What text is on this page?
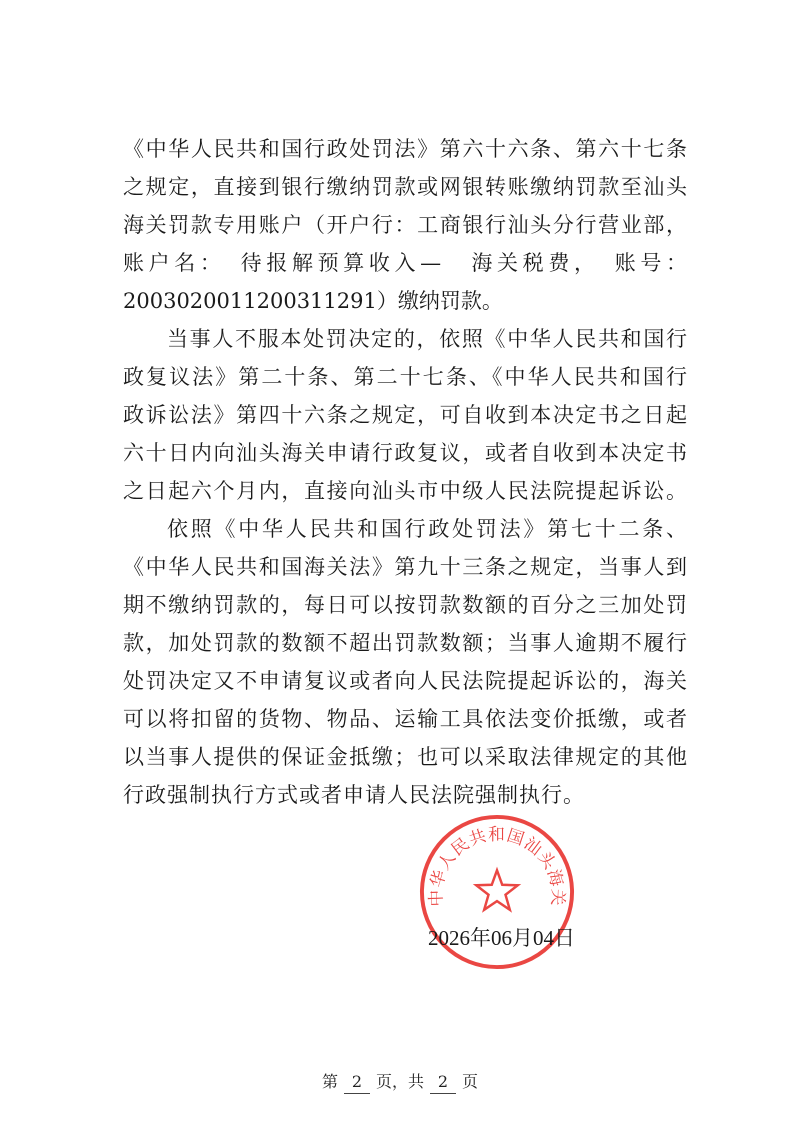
《中华人民共和国行政处罚法》第六十六条、第六十七条
之规定，直接到银行缴纳罚款或网银转账缴纳罚款至汕头
海关罚款专用账户（开户行：工商银行汕头分行营业部，
账户名：　待报解预算收入—　海关税费，　账号：
2003020011200311291）缴纳罚款。
当事人不服本处罚决定的，依照《中华人民共和国行
政复议法》第二十条、第二十七条、《中华人民共和国行
政诉讼法》第四十六条之规定，可自收到本决定书之日起
六十日内向汕头海关申请行政复议，或者自收到本决定书
之日起六个月内，直接向汕头市中级人民法院提起诉讼。
依照《中华人民共和国行政处罚法》第七十二条、
《中华人民共和国海关法》第九十三条之规定，当事人到
期不缴纳罚款的，每日可以按罚款数额的百分之三加处罚
款，加处罚款的数额不超出罚款数额；当事人逾期不履行
处罚决定又不申请复议或者向人民法院提起诉讼的，海关
可以将扣留的货物、物品、运输工具依法变价抵缴，或者
以当事人提供的保证金抵缴；也可以采取法律规定的其他
行政强制执行方式或者申请人民法院强制执行。
中华人民共和国汕头海关
2026年06月04日
第 2 页，共 2 页
